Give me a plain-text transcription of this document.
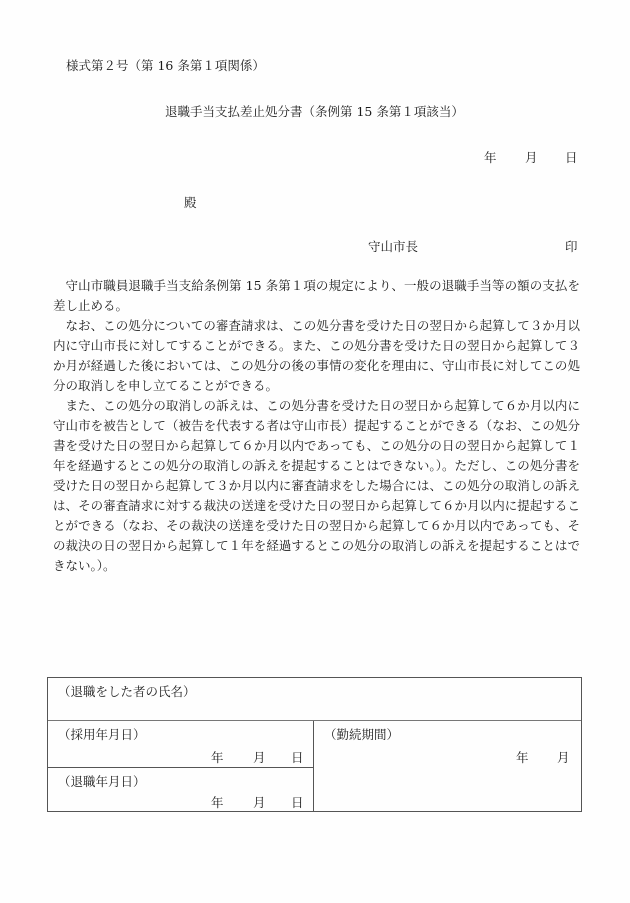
様式第２号（第 16 条第１項関係）
退職手当支払差止処分書（条例第 15 条第１項該当）
年 月 日
殿
守山市長	印

守山市職員退職手当支給条例第 15 条第１項の規定により、一般の退職手当等の額の支払を差し止める。

なお、この処分についての審査請求は、この処分書を受けた日の翌日から起算して３か月以内に守山市長に対してすることができる。また、この処分書を受けた日の翌日から起算して３か月が経過した後においては、この処分の後の事情の変化を理由に、守山市長に対してこの処分の取消しを申し立てることができる。

また、この処分の取消しの訴えは、この処分書を受けた日の翌日から起算して６か月以内に守山市を被告として（被告を代表する者は守山市長）提起することができる（なお、この処分書を受けた日の翌日から起算して６か月以内であっても、この処分の日の翌日から起算して１年を経過するとこの処分の取消しの訴えを提起することはできない。）。ただし、この処分書を受けた日の翌日から起算して３か月以内に審査請求をした場合には、この処分の取消しの訴えは、その審査請求に対する裁決の送達を受けた日の翌日から起算して６か月以内に提起することができる（なお、その裁決の送達を受けた日の翌日から起算して６か月以内であっても、その裁決の日の翌日から起算して１年を経過するとこの処分の取消しの訴えを提起することはできない。）。

（退職をした者の氏名）
（採用年月日）
年 月 日
（退職年月日）
年 月 日
（勤続期間）
年 月
